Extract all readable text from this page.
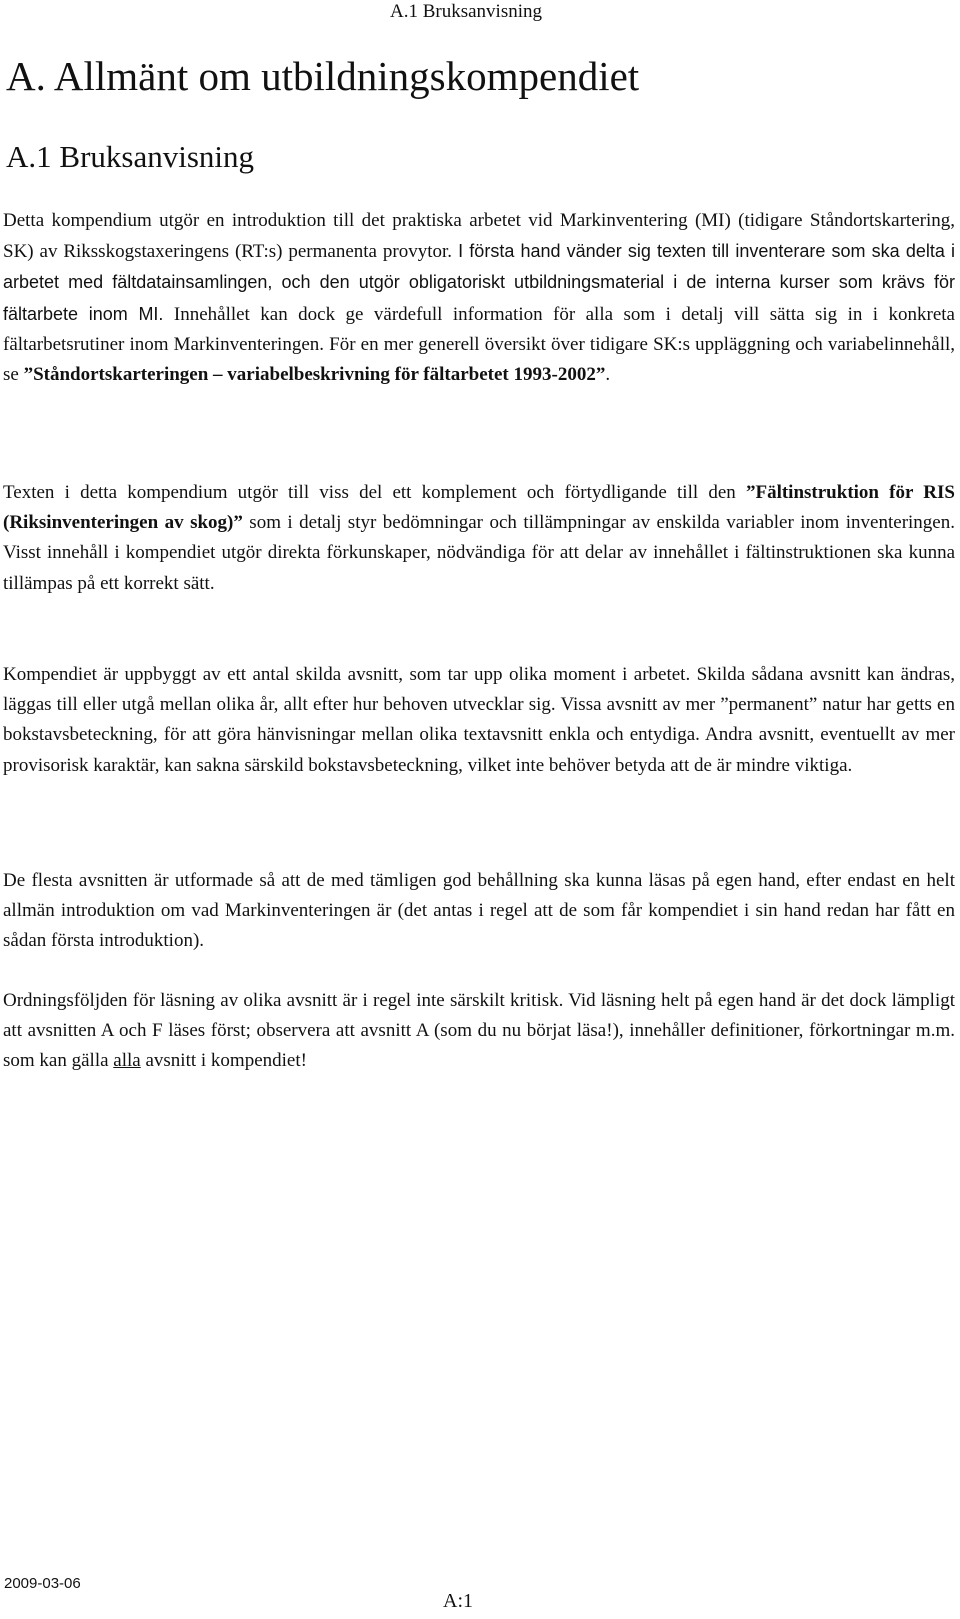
A.1 Bruksanvisning
A. Allmänt om utbildningskompendiet
A.1 Bruksanvisning

Detta kompendium utgör en introduktion till det praktiska arbetet vid Markinventering (MI) (tidigare Ståndortskartering, SK) av Riksskogstaxeringens (RT:s) permanenta provytor. I första hand vänder sig texten till inventerare som ska delta i arbetet med fältdatainsamlingen, och den utgör obligatoriskt utbildningsmaterial i de interna kurser som krävs för fältarbete inom MI. Innehållet kan dock ge värdefull information för alla som i detalj vill sätta sig in i konkreta fältarbetsrutiner inom Markinventeringen. För en mer generell översikt över tidigare SK:s uppläggning och variabelinnehåll, se ”Ståndortskarteringen – variabelbeskrivning för fältarbetet 1993-2002”.

Texten i detta kompendium utgör till viss del ett komplement och förtydligande till den ”Fältinstruktion för RIS (Riksinventeringen av skog)” som i detalj styr bedömningar och tillämpningar av enskilda variabler inom inventeringen. Visst innehåll i kompendiet utgör direkta förkunskaper, nödvändiga för att delar av innehållet i fältinstruktionen ska kunna tillämpas på ett korrekt sätt.

Kompendiet är uppbyggt av ett antal skilda avsnitt, som tar upp olika moment i arbetet. Skilda sådana avsnitt kan ändras, läggas till eller utgå mellan olika år, allt efter hur behoven utvecklar sig. Vissa avsnitt av mer ”permanent” natur har getts en bokstavsbeteckning, för att göra hänvisningar mellan olika textavsnitt enkla och entydiga. Andra avsnitt, eventuellt av mer provisorisk karaktär, kan sakna särskild bokstavsbeteckning, vilket inte behöver betyda att de är mindre viktiga.

De flesta avsnitten är utformade så att de med tämligen god behållning ska kunna läsas på egen hand, efter endast en helt allmän introduktion om vad Markinventeringen är (det antas i regel att de som får kompendiet i sin hand redan har fått en sådan första introduktion).

Ordningsföljden för läsning av olika avsnitt är i regel inte särskilt kritisk. Vid läsning helt på egen hand är det dock lämpligt att avsnitten A och F läses först; observera att avsnitt A (som du nu börjat läsa!), innehåller definitioner, förkortningar m.m. som kan gälla alla avsnitt i kompendiet!

2009-03-06
A:1
